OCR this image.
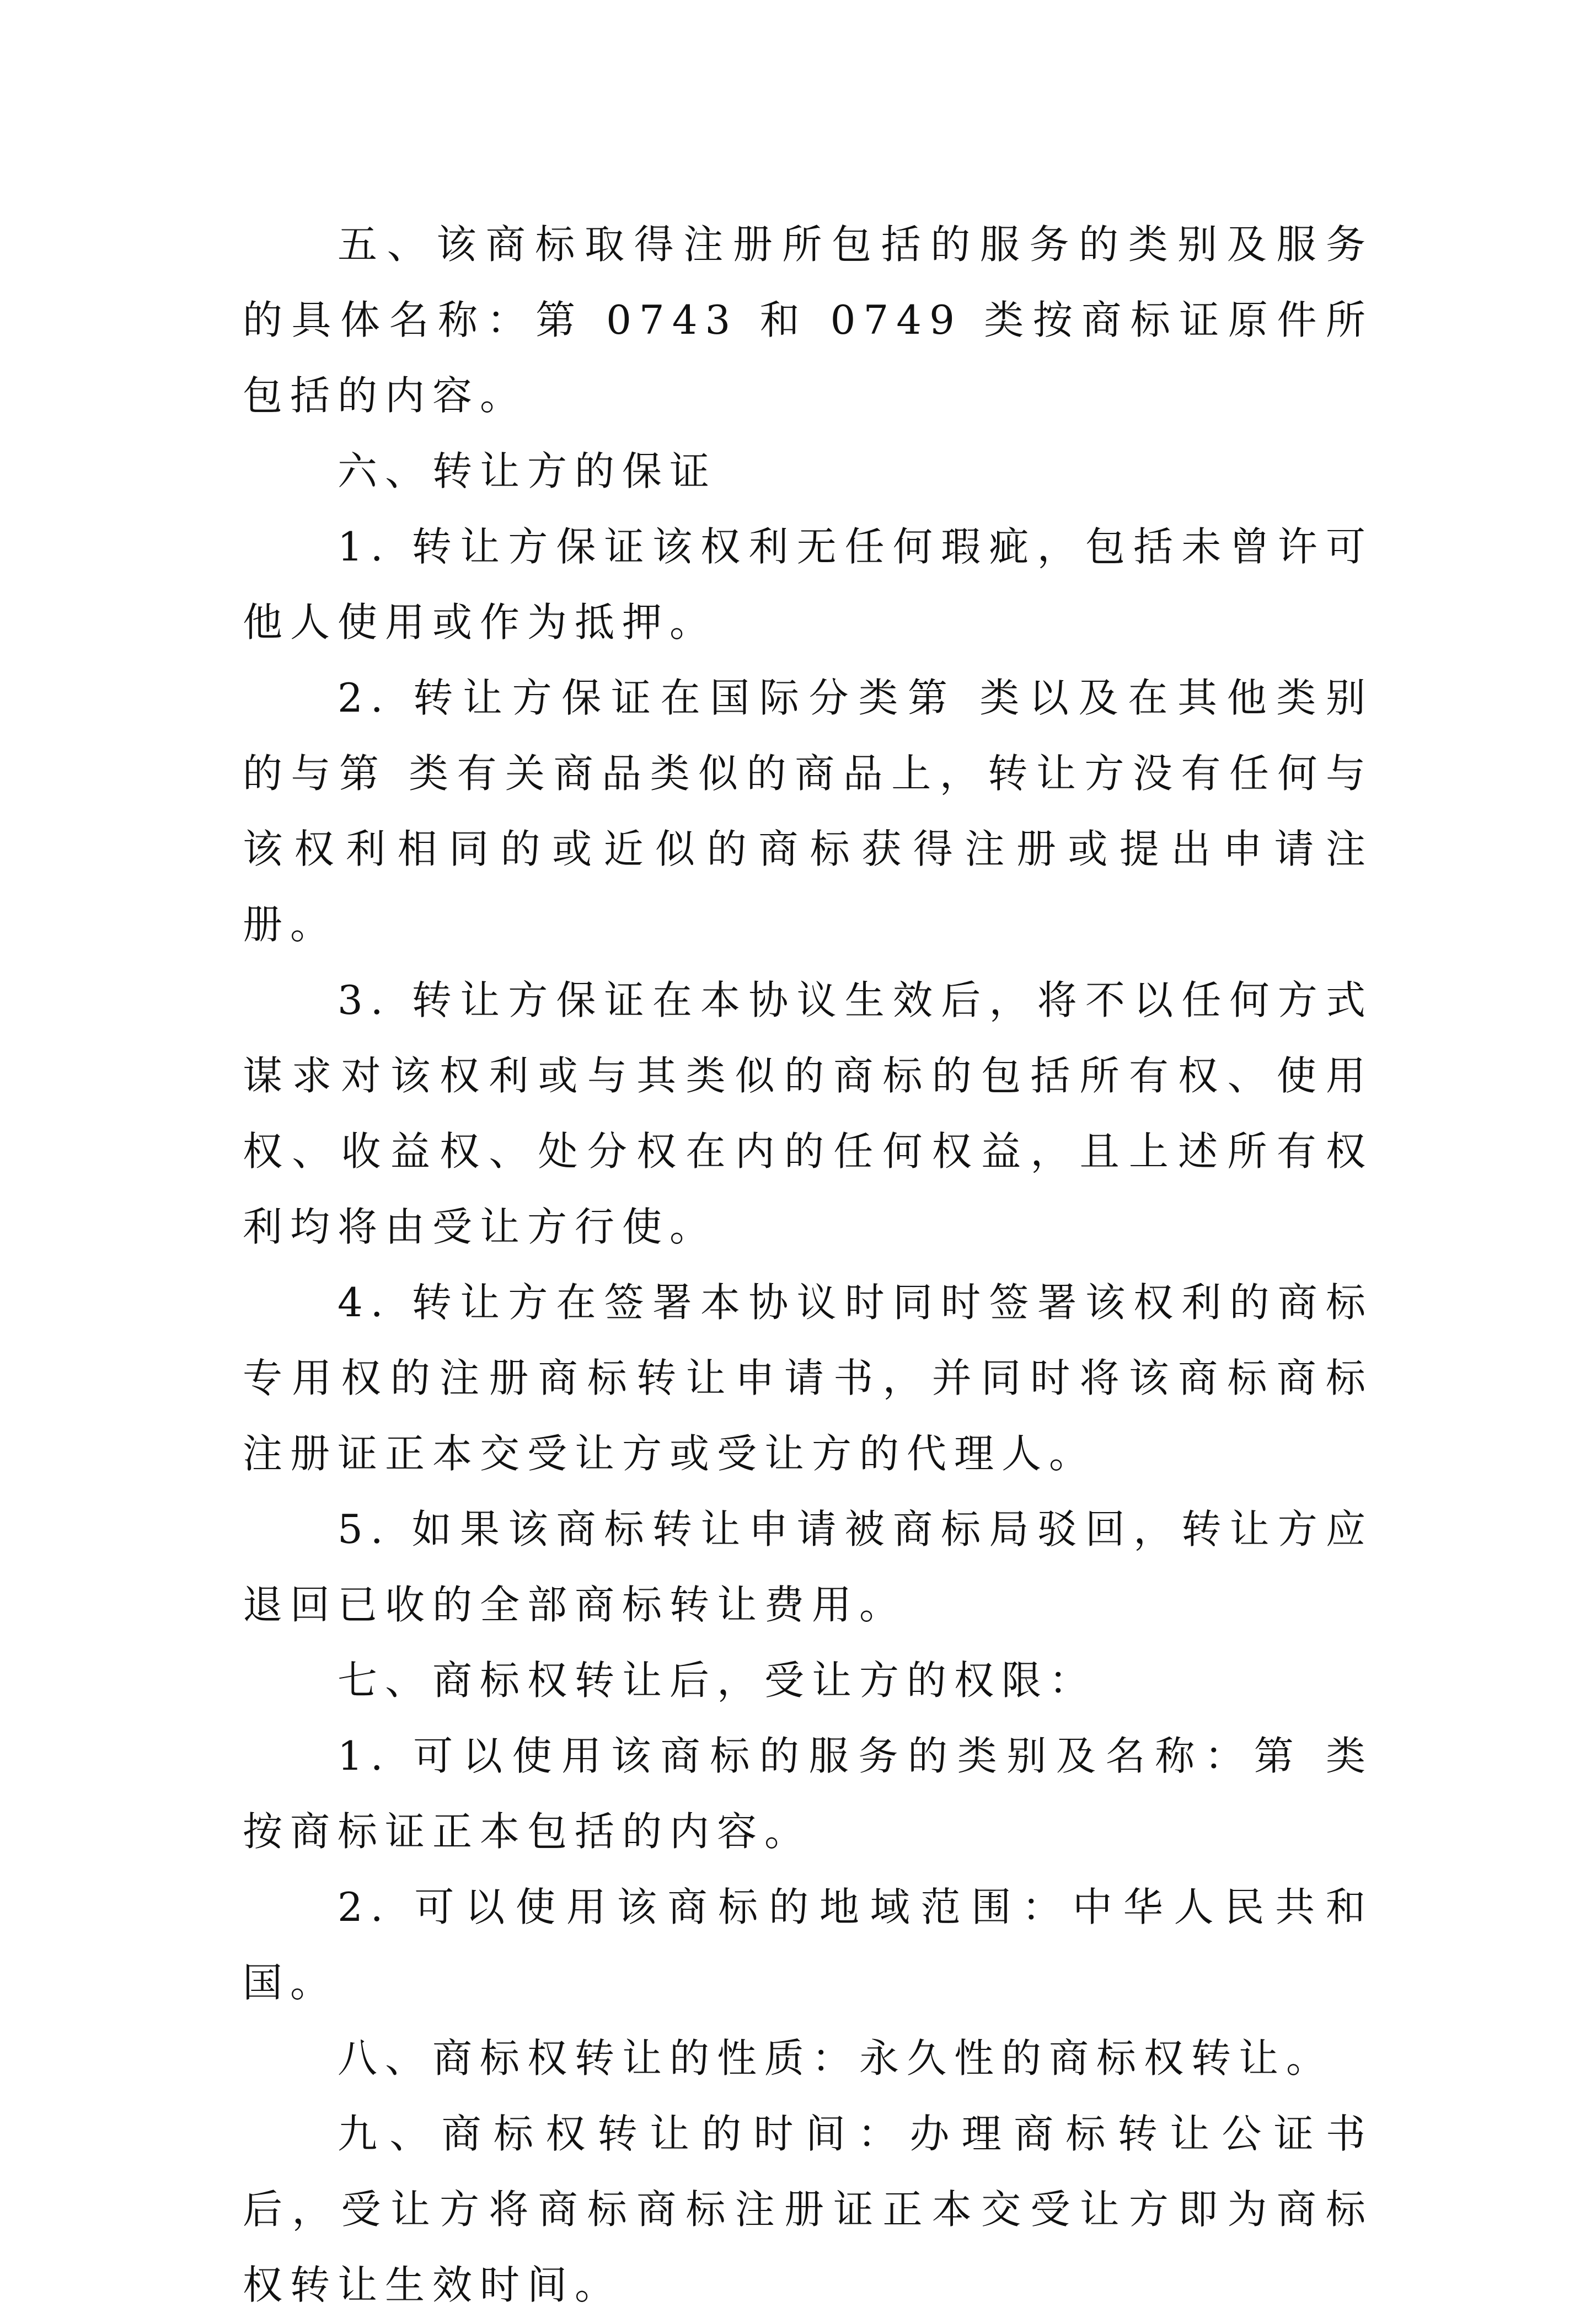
五、该商标取得注册所包括的服务的类别及服务的具体名称：第 0743 和 0749 类按商标证原件所包括的内容。

六、转让方的保证

1. 转让方保证该权利无任何瑕疵，包括未曾许可他人使用或作为抵押。

2. 转让方保证在国际分类第 类以及在其他类别的与第 类有关商品类似的商品上，转让方没有任何与该权利相同的或近似的商标获得注册或提出申请注册。

3. 转让方保证在本协议生效后，将不以任何方式谋求对该权利或与其类似的商标的包括所有权、使用权、收益权、处分权在内的任何权益，且上述所有权利均将由受让方行使。

4. 转让方在签署本协议时同时签署该权利的商标专用权的注册商标转让申请书，并同时将该商标商标注册证正本交受让方或受让方的代理人。

5. 如果该商标转让申请被商标局驳回，转让方应退回已收的全部商标转让费用。

七、商标权转让后，受让方的权限：

1. 可以使用该商标的服务的类别及名称：第 类按商标证正本包括的内容。

2. 可以使用该商标的地域范围：中华人民共和国。

八、商标权转让的性质：永久性的商标权转让。

九、商标权转让的时间：办理商标转让公证书后，受让方将商标商标注册证正本交受让方即为商标权转让生效时间。
